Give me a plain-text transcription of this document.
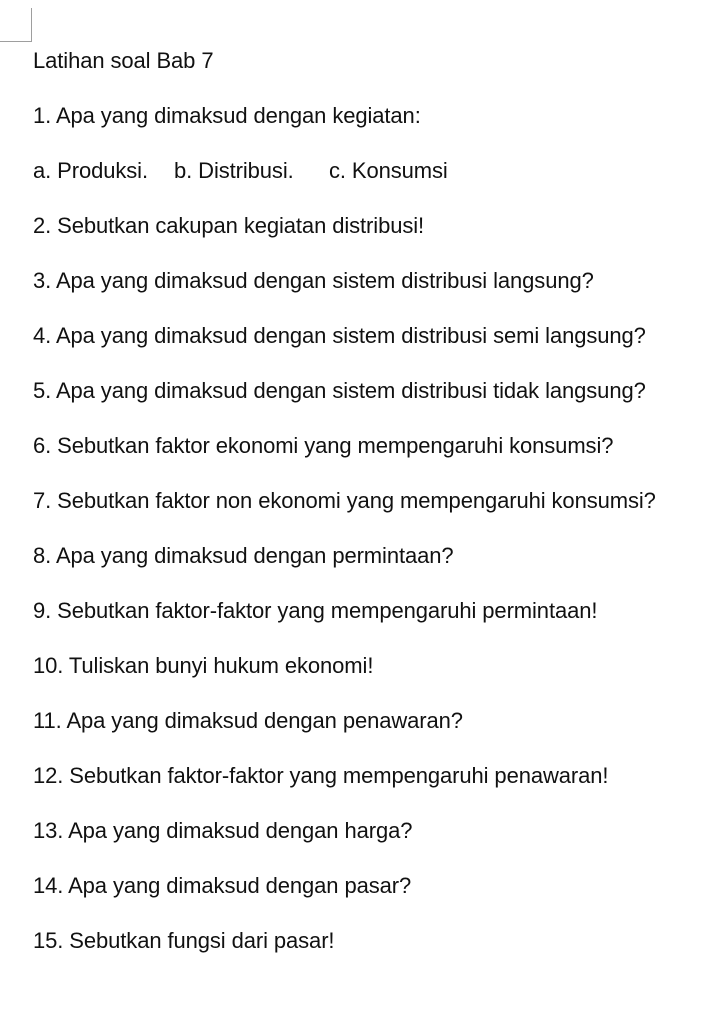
Latihan soal Bab 7
1. Apa yang dimaksud dengan kegiatan:
a. Produksi.	b. Distribusi.	c. Konsumsi
2. Sebutkan cakupan kegiatan distribusi!
3. Apa yang dimaksud dengan sistem distribusi langsung?
4. Apa yang dimaksud dengan sistem distribusi semi langsung?
5. Apa yang dimaksud dengan sistem distribusi tidak langsung?
6. Sebutkan faktor ekonomi yang mempengaruhi konsumsi?
7. Sebutkan faktor non ekonomi yang mempengaruhi konsumsi?
8. Apa yang dimaksud dengan permintaan?
9. Sebutkan faktor-faktor yang mempengaruhi permintaan!
10. Tuliskan bunyi hukum ekonomi!
11. Apa yang dimaksud dengan penawaran?
12. Sebutkan faktor-faktor yang mempengaruhi penawaran!
13. Apa yang dimaksud dengan harga?
14. Apa yang dimaksud dengan pasar?
15. Sebutkan fungsi dari pasar!
